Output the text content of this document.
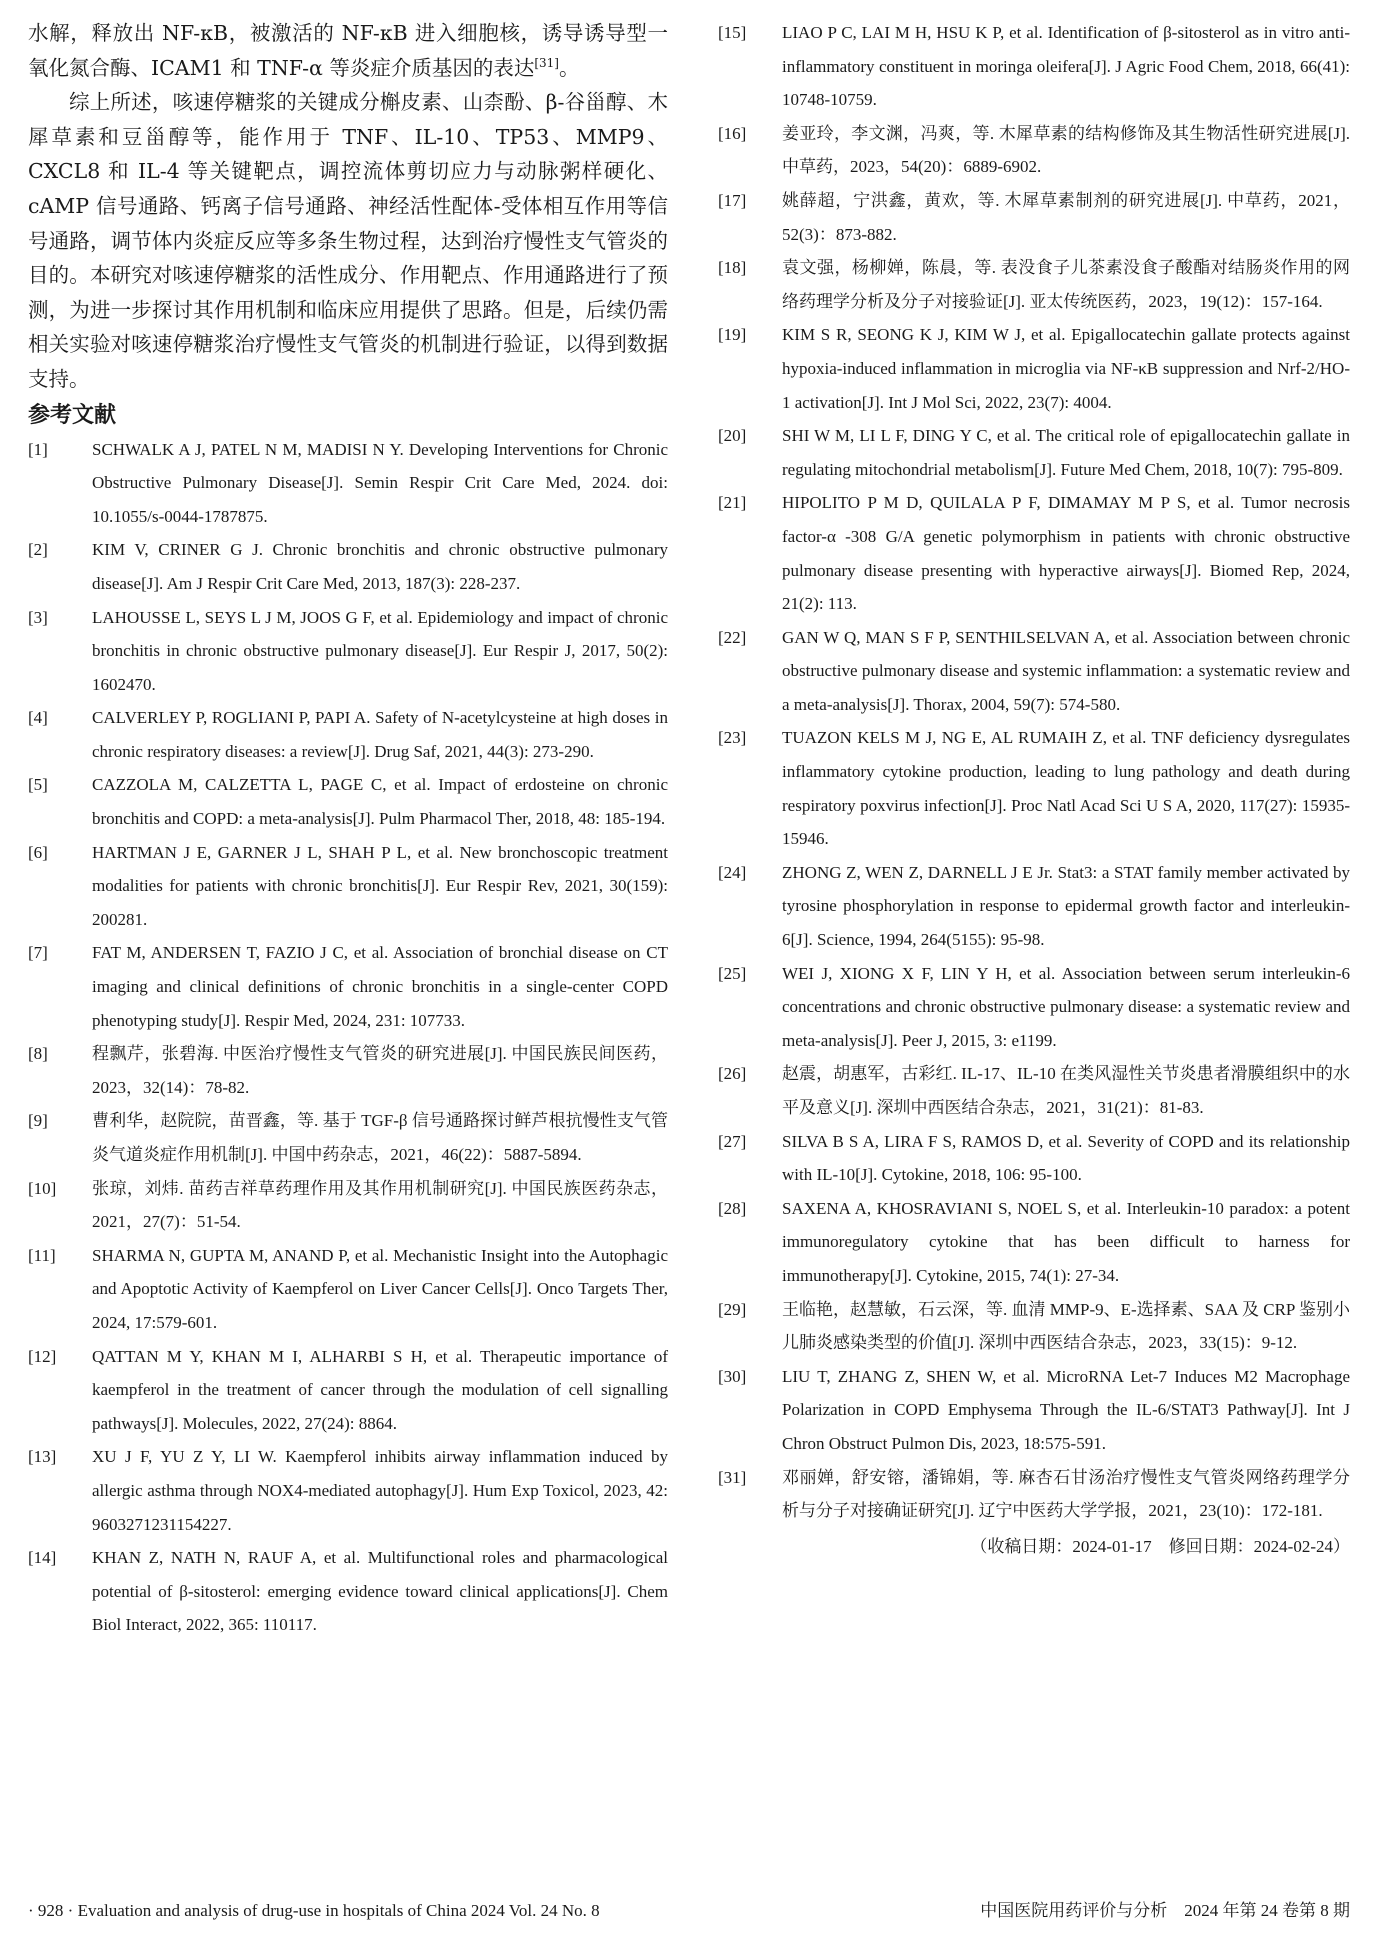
水解，释放出 NF-κB，被激活的 NF-κB 进入细胞核，诱导诱导型一氧化氮合酶、ICAM1 和 TNF-α 等炎症介质基因的表达[31]。

综上所述，咳速停糖浆的关键成分槲皮素、山柰酚、β-谷甾醇、木犀草素和豆甾醇等，能作用于 TNF、IL-10、TP53、MMP9、CXCL8 和 IL-4 等关键靶点，调控流体剪切应力与动脉粥样硬化、cAMP 信号通路、钙离子信号通路、神经活性配体-受体相互作用等信号通路，调节体内炎症反应等多条生物过程，达到治疗慢性支气管炎的目的。本研究对咳速停糖浆的活性成分、作用靶点、作用通路进行了预测，为进一步探讨其作用机制和临床应用提供了思路。但是，后续仍需相关实验对咳速停糖浆治疗慢性支气管炎的机制进行验证，以得到数据支持。

参考文献
[1]	SCHWALK A J, PATEL N M, MADISI N Y. Developing Interventions for Chronic Obstructive Pulmonary Disease[J]. Semin Respir Crit Care Med, 2024. doi: 10.1055/s-0044-1787875.
[2]	KIM V, CRINER G J. Chronic bronchitis and chronic obstructive pulmonary disease[J]. Am J Respir Crit Care Med, 2013, 187(3): 228-237.
[3]	LAHOUSSE L, SEYS L J M, JOOS G F, et al. Epidemiology and impact of chronic bronchitis in chronic obstructive pulmonary disease[J]. Eur Respir J, 2017, 50(2): 1602470.
[4]	CALVERLEY P, ROGLIANI P, PAPI A. Safety of N-acetylcysteine at high doses in chronic respiratory diseases: a review[J]. Drug Saf, 2021, 44(3): 273-290.
[5]	CAZZOLA M, CALZETTA L, PAGE C, et al. Impact of erdosteine on chronic bronchitis and COPD: a meta-analysis[J]. Pulm Pharmacol Ther, 2018, 48: 185-194.
[6]	HARTMAN J E, GARNER J L, SHAH P L, et al. New bronchoscopic treatment modalities for patients with chronic bronchitis[J]. Eur Respir Rev, 2021, 30(159): 200281.
[7]	FAT M, ANDERSEN T, FAZIO J C, et al. Association of bronchial disease on CT imaging and clinical definitions of chronic bronchitis in a single-center COPD phenotyping study[J]. Respir Med, 2024, 231: 107733.
[8]	程飘芹，张碧海. 中医治疗慢性支气管炎的研究进展[J]. 中国民族民间医药，2023，32(14)：78-82.
[9]	曹利华，赵院院，苗晋鑫，等. 基于 TGF-β 信号通路探讨鲜芦根抗慢性支气管炎气道炎症作用机制[J]. 中国中药杂志，2021，46(22)：5887-5894.
[10]	张琼，刘炜. 苗药吉祥草药理作用及其作用机制研究[J]. 中国民族医药杂志，2021，27(7)：51-54.
[11]	SHARMA N, GUPTA M, ANAND P, et al. Mechanistic Insight into the Autophagic and Apoptotic Activity of Kaempferol on Liver Cancer Cells[J]. Onco Targets Ther, 2024, 17:579-601.
[12]	QATTAN M Y, KHAN M I, ALHARBI S H, et al. Therapeutic importance of kaempferol in the treatment of cancer through the modulation of cell signalling pathways[J]. Molecules, 2022, 27(24): 8864.
[13]	XU J F, YU Z Y, LI W. Kaempferol inhibits airway inflammation induced by allergic asthma through NOX4-mediated autophagy[J]. Hum Exp Toxicol, 2023, 42: 9603271231154227.
[14]	KHAN Z, NATH N, RAUF A, et al. Multifunctional roles and pharmacological potential of β-sitosterol: emerging evidence toward clinical applications[J]. Chem Biol Interact, 2022, 365: 110117.
[15]	LIAO P C, LAI M H, HSU K P, et al. Identification of β-sitosterol as in vitro anti-inflammatory constituent in moringa oleifera[J]. J Agric Food Chem, 2018, 66(41): 10748-10759.
[16]	姜亚玲，李文渊，冯爽，等. 木犀草素的结构修饰及其生物活性研究进展[J]. 中草药，2023，54(20)：6889-6902.
[17]	姚薛超，宁洪鑫，黄欢，等. 木犀草素制剂的研究进展[J]. 中草药，2021，52(3)：873-882.
[18]	袁文强，杨柳婵，陈晨，等. 表没食子儿茶素没食子酸酯对结肠炎作用的网络药理学分析及分子对接验证[J]. 亚太传统医药，2023，19(12)：157-164.
[19]	KIM S R, SEONG K J, KIM W J, et al. Epigallocatechin gallate protects against hypoxia-induced inflammation in microglia via NF-κB suppression and Nrf-2/HO-1 activation[J]. Int J Mol Sci, 2022, 23(7): 4004.
[20]	SHI W M, LI L F, DING Y C, et al. The critical role of epigallocatechin gallate in regulating mitochondrial metabolism[J]. Future Med Chem, 2018, 10(7): 795-809.
[21]	HIPOLITO P M D, QUILALA P F, DIMAMAY M P S, et al. Tumor necrosis factor-α -308 G/A genetic polymorphism in patients with chronic obstructive pulmonary disease presenting with hyperactive airways[J]. Biomed Rep, 2024, 21(2): 113.
[22]	GAN W Q, MAN S F P, SENTHILSELVAN A, et al. Association between chronic obstructive pulmonary disease and systemic inflammation: a systematic review and a meta-analysis[J]. Thorax, 2004, 59(7): 574-580.
[23]	TUAZON KELS M J, NG E, AL RUMAIH Z, et al. TNF deficiency dysregulates inflammatory cytokine production, leading to lung pathology and death during respiratory poxvirus infection[J]. Proc Natl Acad Sci U S A, 2020, 117(27): 15935-15946.
[24]	ZHONG Z, WEN Z, DARNELL J E Jr. Stat3: a STAT family member activated by tyrosine phosphorylation in response to epidermal growth factor and interleukin-6[J]. Science, 1994, 264(5155): 95-98.
[25]	WEI J, XIONG X F, LIN Y H, et al. Association between serum interleukin-6 concentrations and chronic obstructive pulmonary disease: a systematic review and meta-analysis[J]. Peer J, 2015, 3: e1199.
[26]	赵震，胡惠军，古彩红. IL-17、IL-10 在类风湿性关节炎患者滑膜组织中的水平及意义[J]. 深圳中西医结合杂志，2021，31(21)：81-83.
[27]	SILVA B S A, LIRA F S, RAMOS D, et al. Severity of COPD and its relationship with IL-10[J]. Cytokine, 2018, 106: 95-100.
[28]	SAXENA A, KHOSRAVIANI S, NOEL S, et al. Interleukin-10 paradox: a potent immunoregulatory cytokine that has been difficult to harness for immunotherapy[J]. Cytokine, 2015, 74(1): 27-34.
[29]	王临艳，赵慧敏，石云深，等. 血清 MMP-9、E-选择素、SAA 及 CRP 鉴别小儿肺炎感染类型的价值[J]. 深圳中西医结合杂志，2023，33(15)：9-12.
[30]	LIU T, ZHANG Z, SHEN W, et al. MicroRNA Let-7 Induces M2 Macrophage Polarization in COPD Emphysema Through the IL-6/STAT3 Pathway[J]. Int J Chron Obstruct Pulmon Dis, 2023, 18:575-591.
[31]	邓丽婵，舒安镕，潘锦娟，等. 麻杏石甘汤治疗慢性支气管炎网络药理学分析与分子对接确证研究[J]. 辽宁中医药大学学报，2021，23(10)：172-181.
（收稿日期：2024-01-17　修回日期：2024-02-24）
· 928 · Evaluation and analysis of drug-use in hospitals of China 2024 Vol. 24 No. 8	中国医院用药评价与分析　2024 年第 24 卷第 8 期
